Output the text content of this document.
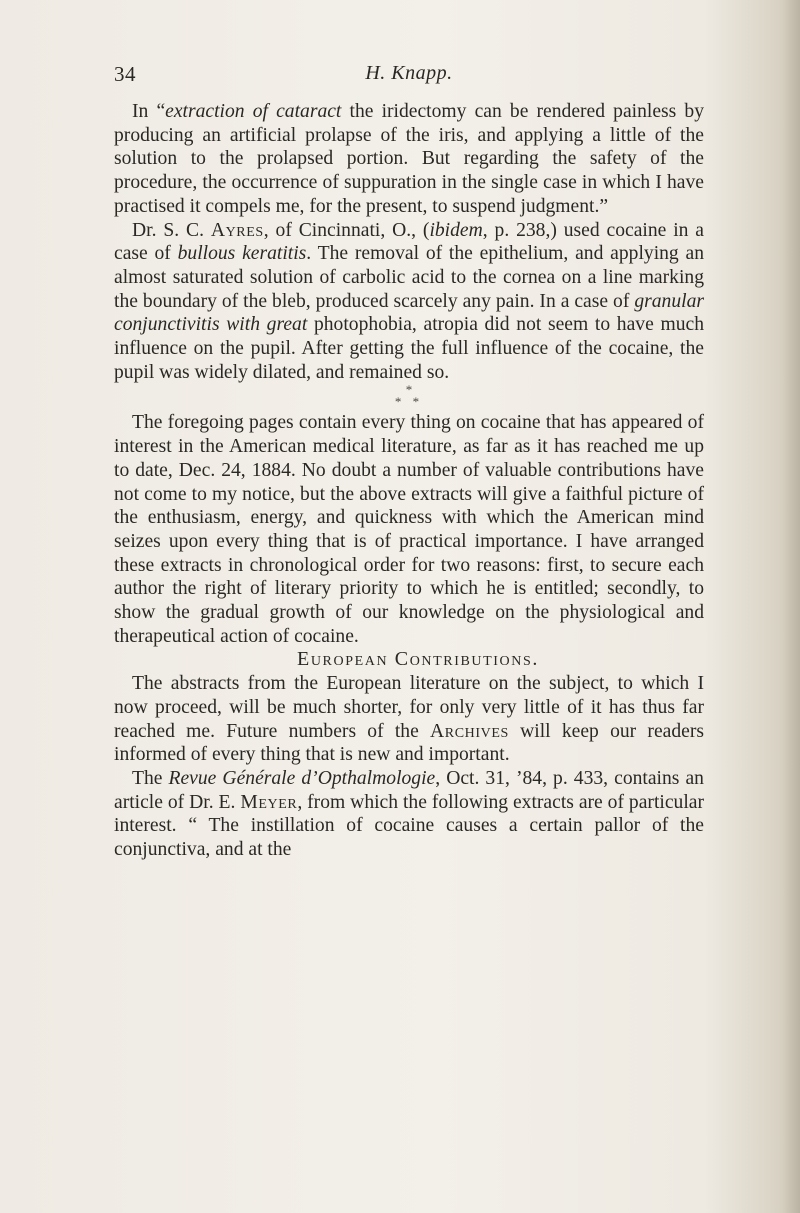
34	H. Knapp.

In “extraction of cataract the iridectomy can be rendered painless by producing an artificial prolapse of the iris, and applying a little of the solution to the prolapsed portion. But regarding the safety of the procedure, the occurrence of suppuration in the single case in which I have practised it compels me, for the present, to suspend judgment.”

Dr. S. C. Ayres, of Cincinnati, O., (ibidem, p. 238,) used cocaine in a case of bullous keratitis. The removal of the epithelium, and applying an almost saturated solution of carbolic acid to the cornea on a line marking the boundary of the bleb, produced scarcely any pain. In a case of granular conjunctivitis with great photophobia, atropia did not seem to have much influence on the pupil. After getting the full influence of the cocaine, the pupil was widely dilated, and remained so.

*
* *

The foregoing pages contain every thing on cocaine that has appeared of interest in the American medical literature, as far as it has reached me up to date, Dec. 24, 1884. No doubt a number of valuable contributions have not come to my notice, but the above extracts will give a faithful picture of the enthusiasm, energy, and quickness with which the American mind seizes upon every thing that is of practical importance. I have arranged these extracts in chronological order for two reasons: first, to secure each author the right of literary priority to which he is entitled; secondly, to show the gradual growth of our knowledge on the physiological and therapeutical action of cocaine.

European Contributions.

The abstracts from the European literature on the subject, to which I now proceed, will be much shorter, for only very little of it has thus far reached me. Future numbers of the Archives will keep our readers informed of every thing that is new and important.

The Revue Générale d’Opthalmologie, Oct. 31, ’84, p. 433, contains an article of Dr. E. Meyer, from which the following extracts are of particular interest. “ The instillation of cocaine causes a certain pallor of the conjunctiva, and at the
